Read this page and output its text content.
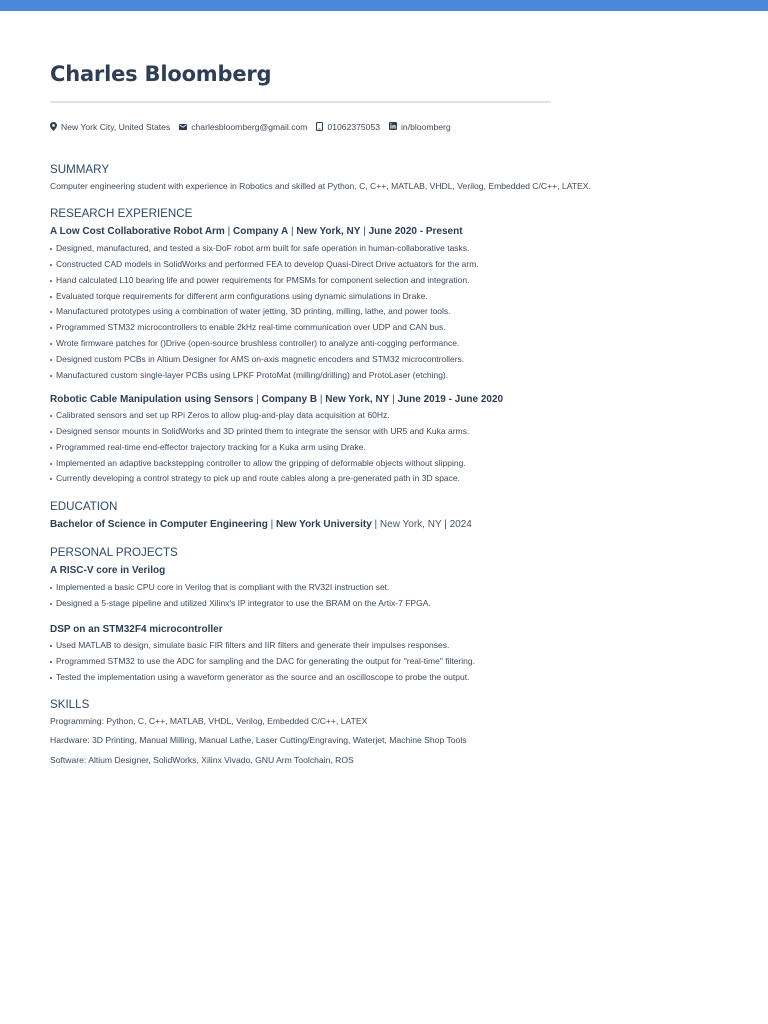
Charles Bloomberg
New York City, United States charlesbloomberg@gmail.com 01062375053 in/bloomberg
SUMMARY
Computer engineering student with experience in Robotics and skilled at Python, C, C++, MATLAB, VHDL, Verilog, Embedded C/C++, LATEX.
RESEARCH EXPERIENCE
A Low Cost Collaborative Robot Arm | Company A | New York, NY | June 2020 - Present
Designed, manufactured, and tested a six-DoF robot arm built for safe operation in human-collaborative tasks.
Constructed CAD models in SolidWorks and performed FEA to develop Quasi-Direct Drive actuators for the arm.
Hand calculated L10 bearing life and power requirements for PMSMs for component selection and integration.
Evaluated torque requirements for different arm configurations using dynamic simulations in Drake.
Manufactured prototypes using a combination of water jetting, 3D printing, milling, lathe, and power tools.
Programmed STM32 microcontrollers to enable 2kHz real-time communication over UDP and CAN bus.
Wrote firmware patches for ()Drive (open-source brushless controller) to analyze anti-cogging performance.
Designed custom PCBs in Altium Designer for AMS on-axis magnetic encoders and STM32 microcontrollers.
Manufactured custom single-layer PCBs using LPKF ProtoMat (milling/drilling) and ProtoLaser (etching).
Robotic Cable Manipulation using Sensors | Company B | New York, NY | June 2019 - June 2020
Calibrated sensors and set up RPi Zeros to allow plug-and-play data acquisition at 60Hz.
Designed sensor mounts in SolidWorks and 3D printed them to integrate the sensor with UR5 and Kuka arms.
Programmed real-time end-effector trajectory tracking for a Kuka arm using Drake.
Implemented an adaptive backstepping controller to allow the gripping of deformable objects without slipping.
Currently developing a control strategy to pick up and route cables along a pre-generated path in 3D space.
EDUCATION
Bachelor of Science in Computer Engineering | New York University | New York, NY | 2024
PERSONAL PROJECTS
A RISC-V core in Verilog
Implemented a basic CPU core in Verilog that is compliant with the RV32I instruction set.
Designed a 5-stage pipeline and utilized Xilinx's IP integrator to use the BRAM on the Artix-7 FPGA.
DSP on an STM32F4 microcontroller
Used MATLAB to design, simulate basic FIR filters and IIR filters and generate their impulses responses.
Programmed STM32 to use the ADC for sampling and the DAC for generating the output for "real-time" filtering.
Tested the implementation using a waveform generator as the source and an oscilloscope to probe the output.
SKILLS
Programming: Python, C, C++, MATLAB, VHDL, Verilog, Embedded C/C++, LATEX
Hardware: 3D Printing, Manual Milling, Manual Lathe, Laser Cutting/Engraving, Waterjet, Machine Shop Tools
Software: Altium Designer, SolidWorks, Xilinx Vivado, GNU Arm Toolchain, ROS
